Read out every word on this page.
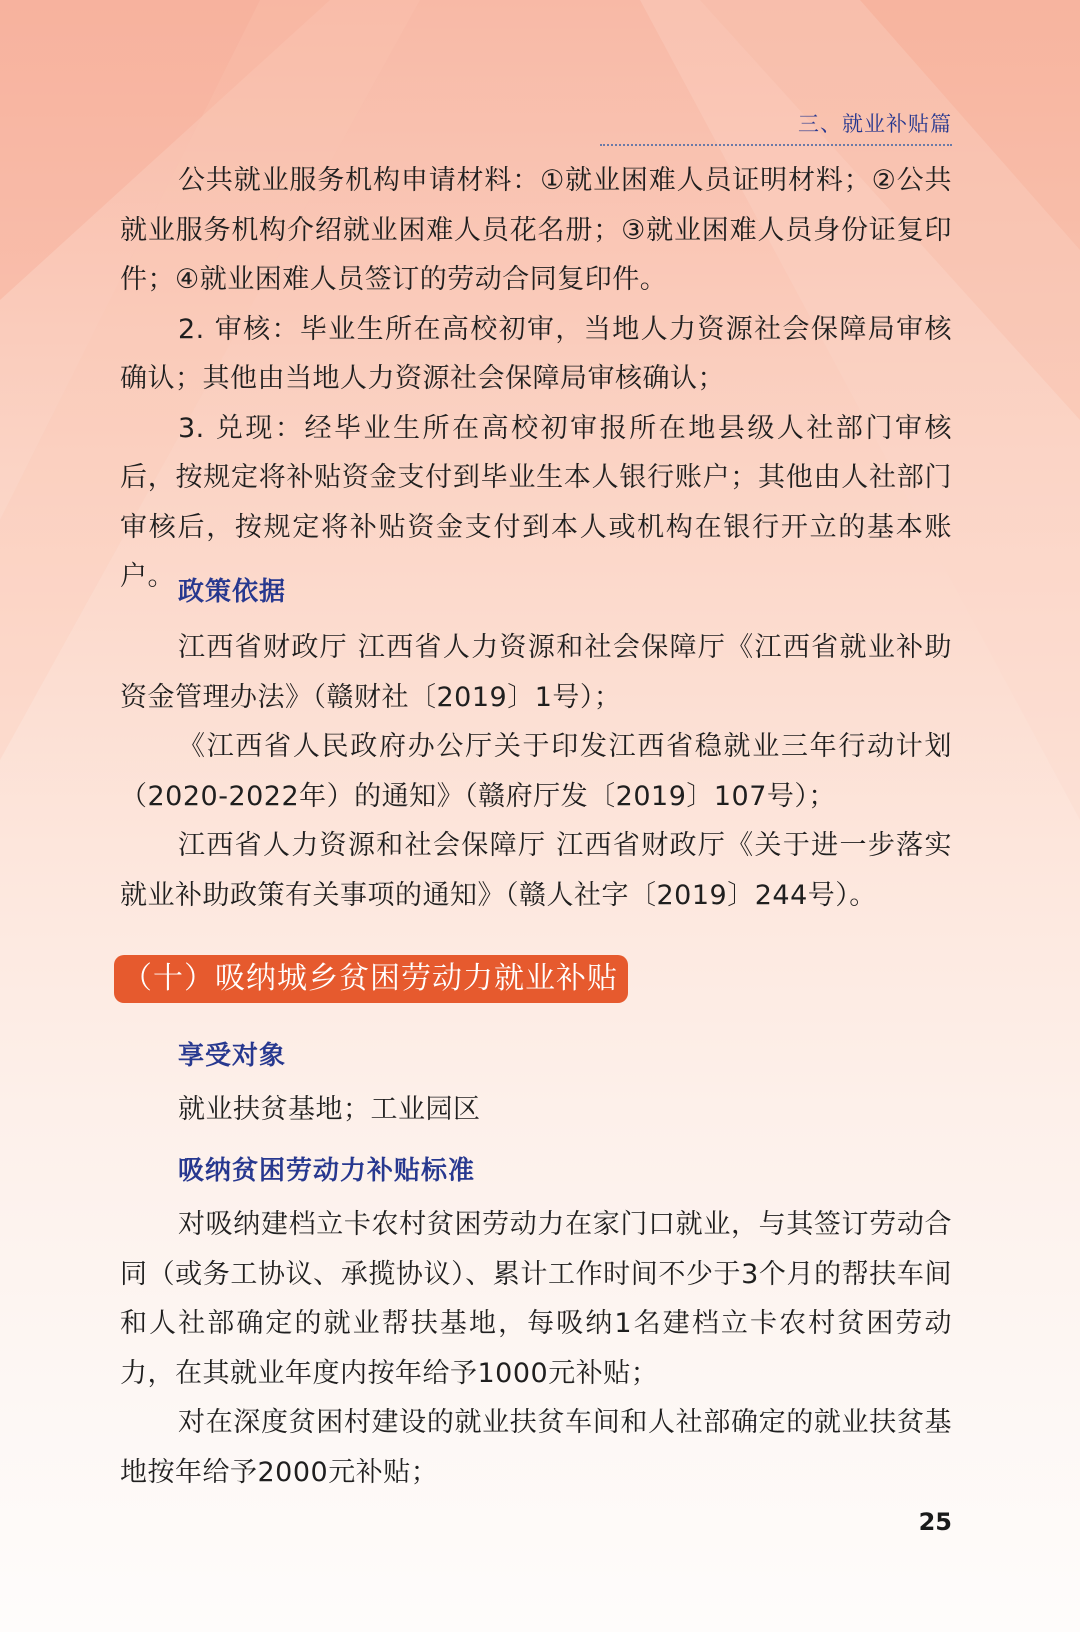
三、就业补贴篇

公共就业服务机构申请材料：①就业困难人员证明材料；②公共就业服务机构介绍就业困难人员花名册；③就业困难人员身份证复印件；④就业困难人员签订的劳动合同复印件。

2. 审核：毕业生所在高校初审，当地人力资源社会保障局审核确认；其他由当地人力资源社会保障局审核确认；

3. 兑现：经毕业生所在高校初审报所在地县级人社部门审核后，按规定将补贴资金支付到毕业生本人银行账户；其他由人社部门审核后，按规定将补贴资金支付到本人或机构在银行开立的基本账户。 政策依据

江西省财政厅 江西省人力资源和社会保障厅《江西省就业补助资金管理办法》（赣财社〔2019〕1号）；

《江西省人民政府办公厅关于印发江西省稳就业三年行动计划（2020-2022年）的通知》（赣府厅发〔2019〕107号）；

江西省人力资源和社会保障厅 江西省财政厅《关于进一步落实就业补助政策有关事项的通知》（赣人社字〔2019〕244号）。

（十）吸纳城乡贫困劳动力就业补贴
享受对象

就业扶贫基地；工业园区

吸纳贫困劳动力补贴标准

对吸纳建档立卡农村贫困劳动力在家门口就业，与其签订劳动合同（或务工协议、承揽协议）、累计工作时间不少于3个月的帮扶车间和人社部确定的就业帮扶基地，每吸纳1名建档立卡农村贫困劳动力，在其就业年度内按年给予1000元补贴；

对在深度贫困村建设的就业扶贫车间和人社部确定的就业扶贫基地按年给予2000元补贴；

25
